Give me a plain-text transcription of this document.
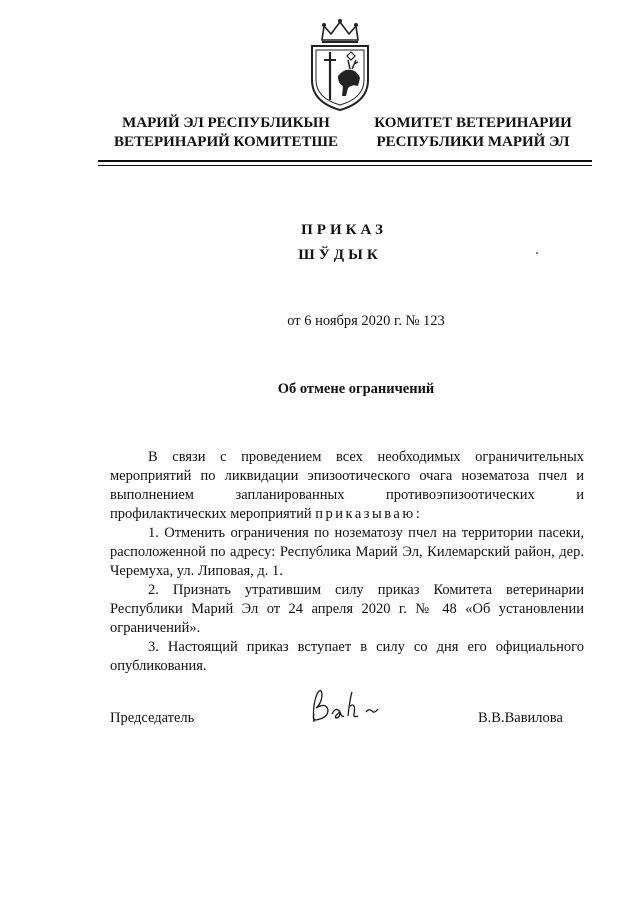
МАРИЙ ЭЛ РЕСПУБЛИКЫН
ВЕТЕРИНАРИЙ КОМИТЕТШЕ
КОМИТЕТ ВЕТЕРИНАРИИ
РЕСПУБЛИКИ МАРИЙ ЭЛ
ПРИКАЗ
ШЎДЫК
от 6 ноября 2020 г. № 123
Об отмене ограничений

В связи с проведением всех необходимых ограничительных мероприятий по ликвидации эпизоотического очага нозематоза пчел и выполнением запланированных противоэпизоотических и профилактических мероприятий приказываю:

1. Отменить ограничения по нозематозу пчел на территории пасеки, расположенной по адресу: Республика Марий Эл, Килемарский район, дер. Черемуха, ул. Липовая, д. 1.

2. Признать утратившим силу приказ Комитета ветеринарии Республики Марий Эл от 24 апреля 2020 г. № 48 «Об установлении ограничений».

3. Настоящий приказ вступает в силу со дня его официального опубликования.

Председатель	В.В.Вавилова
